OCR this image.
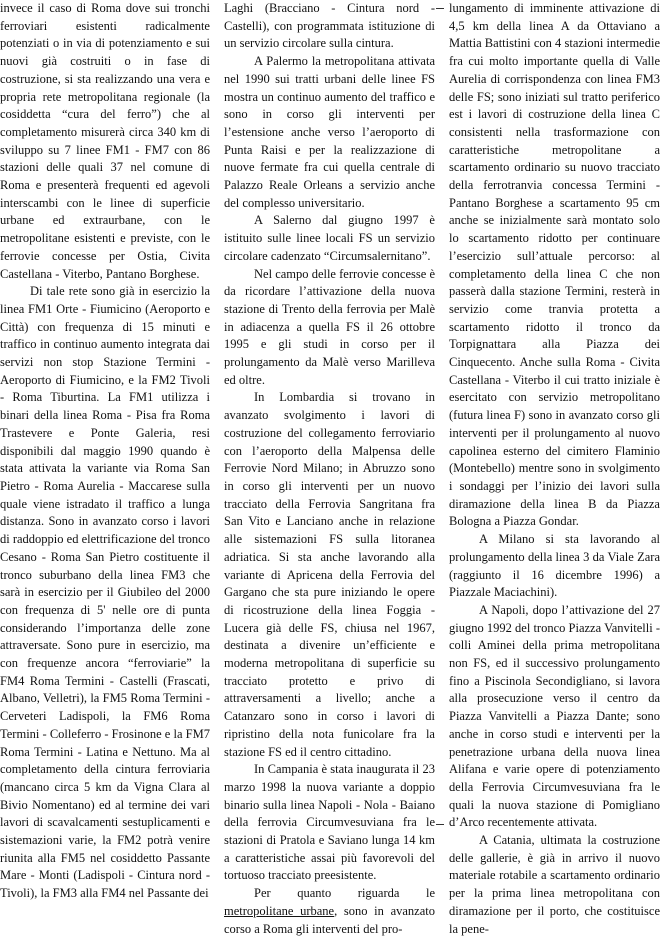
invece il caso di Roma dove sui tronchi ferroviari esistenti radicalmente potenziati o in via di potenziamento e sui nuovi già costruiti o in fase di costruzione, si sta realizzando una vera e propria rete metropolitana regionale (la cosiddetta “cura del ferro”) che al completamento misurerà circa 340 km di sviluppo su 7 linee FM1 - FM7 con 86 stazioni delle quali 37 nel comune di Roma e presenterà frequenti ed agevoli interscambi con le linee di superficie urbane ed extraurbane, con le metropolitane esistenti e previste, con le ferrovie concesse per Ostia, Civita Castellana - Viterbo, Pantano Borghese.

Di tale rete sono già in esercizio la linea FM1 Orte - Fiumicino (Aeroporto e Città) con frequenza di 15 minuti e traffico in continuo aumento integrata dai servizi non stop Stazione Termini - Aeroporto di Fiumicino, e la FM2 Tivoli - Roma Tiburtina. La FM1 utilizza i binari della linea Roma - Pisa fra Roma Trastevere e Ponte Galeria, resi disponibili dal maggio 1990 quando è stata attivata la variante via Roma San Pietro - Roma Aurelia - Maccarese sulla quale viene istradato il traffico a lunga distanza. Sono in avanzato corso i lavori di raddoppio ed elettrificazione del tronco Cesano - Roma San Pietro costituente il tronco suburbano della linea FM3 che sarà in esercizio per il Giubileo del 2000 con frequenza di 5' nelle ore di punta considerando l’importanza delle zone attraversate. Sono pure in esercizio, ma con frequenze ancora “ferroviarie” la FM4 Roma Termini - Castelli (Frascati, Albano, Velletri), la FM5 Roma Termini - Cerveteri Ladispoli, la FM6 Roma Termini - Colleferro - Frosinone e la FM7 Roma Termini - Latina e Nettuno. Ma al completamento della cintura ferroviaria (mancano circa 5 km da Vigna Clara al Bivio Nomentano) ed al termine dei vari lavori di scavalcamenti sestuplicamenti e sistemazioni varie, la FM2 potrà venire riunita alla FM5 nel cosiddetto Passante Mare - Monti (Ladispoli - Cintura nord - Tivoli), la FM3 alla FM4 nel Passante dei

Laghi (Bracciano - Cintura nord - Castelli), con programmata istituzione di un servizio circolare sulla cintura.

A Palermo la metropolitana attivata nel 1990 sui tratti urbani delle linee FS mostra un continuo aumento del traffico e sono in corso gli interventi per l’estensione anche verso l’aeroporto di Punta Raisi e per la realizzazione di nuove fermate fra cui quella centrale di Palazzo Reale Orleans a servizio anche del complesso universitario.

A Salerno dal giugno 1997 è istituito sulle linee locali FS un servizio circolare cadenzato “Circumsalernitano”.

Nel campo delle ferrovie concesse è da ricordare l’attivazione della nuova stazione di Trento della ferrovia per Malè in adiacenza a quella FS il 26 ottobre 1995 e gli studi in corso per il prolungamento da Malè verso Marilleva ed oltre.

In Lombardia si trovano in avanzato svolgimento i lavori di costruzione del collegamento ferroviario con l’aeroporto della Malpensa delle Ferrovie Nord Milano; in Abruzzo sono in corso gli interventi per un nuovo tracciato della Ferrovia Sangritana fra San Vito e Lanciano anche in relazione alle sistemazioni FS sulla litoranea adriatica. Si sta anche lavorando alla variante di Apricena della Ferrovia del Gargano che sta pure iniziando le opere di ricostruzione della linea Foggia - Lucera già delle FS, chiusa nel 1967, destinata a divenire un’efficiente e moderna metropolitana di superficie su tracciato protetto e privo di attraversamenti a livello; anche a Catanzaro sono in corso i lavori di ripristino della nota funicolare fra la stazione FS ed il centro cittadino.

In Campania è stata inaugurata il 23 marzo 1998 la nuova variante a doppio binario sulla linea Napoli - Nola - Baiano della ferrovia Circumvesuviana fra le stazioni di Pratola e Saviano lunga 14 km a caratteristiche assai più favorevoli del tortuoso tracciato preesistente.

Per quanto riguarda le metropolitane urbane, sono in avanzato corso a Roma gli interventi del pro-

lungamento di imminente attivazione di 4,5 km della linea A da Ottaviano a Mattia Battistini con 4 stazioni intermedie fra cui molto importante quella di Valle Aurelia di corrispondenza con linea FM3 delle FS; sono iniziati sul tratto periferico est i lavori di costruzione della linea C consistenti nella trasformazione con caratteristiche metropolitane a scartamento ordinario su nuovo tracciato della ferrotranvia concessa Termini - Pantano Borghese a scartamento 95 cm anche se inizialmente sarà montato solo lo scartamento ridotto per continuare l’esercizio sull’attuale percorso: al completamento della linea C che non passerà dalla stazione Termini, resterà in servizio come tranvia protetta a scartamento ridotto il tronco da Torpignattara alla Piazza dei Cinquecento. Anche sulla Roma - Civita Castellana - Viterbo il cui tratto iniziale è esercitato con servizio metropolitano (futura linea F) sono in avanzato corso gli interventi per il prolungamento al nuovo capolinea esterno del cimitero Flaminio (Montebello) mentre sono in svolgimento i sondaggi per l’inizio dei lavori sulla diramazione della linea B da Piazza Bologna a Piazza Gondar.

A Milano si sta lavorando al prolungamento della linea 3 da Viale Zara (raggiunto il 16 dicembre 1996) a Piazzale Maciachini).

A Napoli, dopo l’attivazione del 27 giugno 1992 del tronco Piazza Vanvitelli - colli Aminei della prima metropolitana non FS, ed il successivo prolungamento fino a Piscinola Secondigliano, si lavora alla prosecuzione verso il centro da Piazza Vanvitelli a Piazza Dante; sono anche in corso studi e interventi per la penetrazione urbana della nuova linea Alifana e varie opere di potenziamento della Ferrovia Circumvesuviana fra le quali la nuova stazione di Pomigliano d’Arco recentemente attivata.

A Catania, ultimata la costruzione delle gallerie, è già in arrivo il nuovo materiale rotabile a scartamento ordinario per la prima linea metropolitana con diramazione per il porto, che costituisce la pene-
